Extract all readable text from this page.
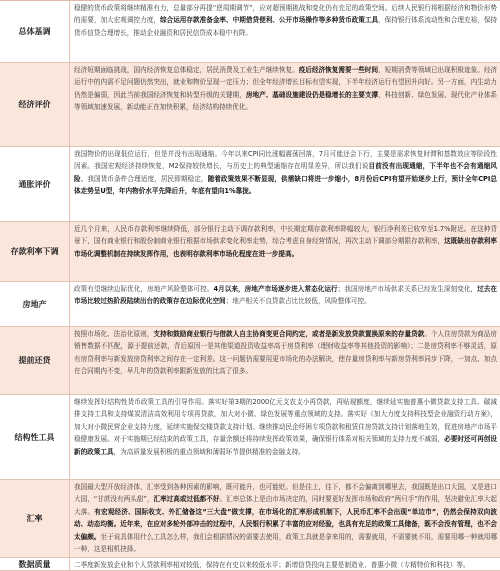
总体基调
稳健的货币政策将继续精准有力，总量部分再提“逆周期调节”，应对超预期挑战和变化仍有充足的政策空间。后续人民银行将根据经济和物价形势的需要，加大宏观调控力度，综合运用存款准备金率、中期借贷便利、公开市场操作等多种货币政策工具，保持银行体系流动性和合理充裕，保持货币信贷合理增长，推动企业融资和居民信贷成本稳中有降。
经济评价
经济短期面临挑战，国内经济恢复总体稳定，居民消费及工业生产继续恢复。疫后经济恢复需要一些时间，短期消费等领域已出现积极迹象。经济运行中的内需不足问题仍然突出，就业和物价呈现一定压力；但全年经济增长目标有望实现，下半年经济运行有望回升向好。另一方面，内生动力仍然是偏弱，因此当前我国经济恢复和转型升级的关键期，房地产、基础设施建设仍是稳增长的主要支撑，科技创新、绿色发展、现代化产业体系等领域加速发展，新动能正在加快积累，经济结构持续优化。
通胀评价
我国物价的出现低位运行，但是并没有出现通缩。今年以来CPI同比涨幅震荡回落，7月可能还会下行，主要是需求恢复时滞和基数效应等阶段性因素。我国宏观经济持续恢复，M2保持较快增长，与历史上的典型通缩存在明显差异，所以我们说目前没有出现通缩，下半年也不会有通缩风险。我国货币条件合理适度，居民即期稳定，随着政策效果不断显现，供需缺口将进一步缩小，8月份后CPI有望开始逐步上行，预计全年CPI总体走势呈U型，年内物价水平先降后升，年底有望向1%靠拢。
存款利率下调
近几个月来，人民币存款利率继续降低，部分银行主动下调存款利率，中长期定期存款利率降幅较大，银行净利差已收窄至1.7%附近。在这种背景下，国有商业银行和股份制商业银行根据市场供求变化利率走势，综合考虑自身经营情况，再次主动下调部分期限存款利率，这既缺出存款利率市场化调整机制在持续发挥作用，也表明存款利率市场化程度在进一步提高。
房地产
政策有望继续边际优化，房地产风险整体可控。4月以来，房地产市场逐步进入常态化运行；我国房地产市场供求关系已经发生深刻变化，过去在市场比较过热阶段陆续出台的政策存在边际优化空间；地产相关不良贷款占比比较低，风险整体可控。
提前还贷
按照市场化、法治化原则，支持和鼓励商业银行与借款人自主协商变更合同约定，或者是新发放贷款置换原来的存量贷款。个人住房贷款为商品房销售数据不匹配，源于提前还款，背后原因一是其他渠道投资收益率高于房贷利率（理财收益率等其他投资的影响）；二是房贷利率不够灵活，原有房贷利率与新发放房贷利率之间存在一定利差。这一问题仍需要用更市场化的办法解决，使存量房贷利率与新房贷利率同步下降，一加点、加点在合同期内不变，早几年的贷款利率跟新发放的比高了很多。
结构性工具
继续发挥好结构性货币政策工具的引导作用。落实好第3期的2000亿元支农支小再贷款，再贴现额度，继续延实施普惠小微贷款支持工具、碳减排支持工具和支持煤炭清洁高效利用专项再贷款，加大对小微、绿色发展等重点领域的支持。落实好《加大力度支持科技型企业融资行动方案》，加大对小微民营企业支持力度，延续实施保交楼贷款支持计划、继续推动民企纾困专项贷款和租赁住房贷款支持计划落地生效，促进房地产市场平稳健康发展。对于实施期已经结束的政策工具，存量余额还将持续发挥政策效果，确保银行体系对相关领域的支持力度不减弱，必要时还可再创设新的政策工具，为高质量发展积极的重点领域和薄弱环节提供精准的金融支持。
汇率
我国最大型开放经济体，汇率受到各种因素的影响，既可能升，也可能贬。但是往上，往下，都不会偏离到哪里去，我国既是出口大国，又是进口大国，“甘蔗没有两头甜”，汇率过高或过低都不好。汇率总体上是由市场决定的，同时要更好发挥市场和政府“两只手”的作用，坚决避免汇率大起大落。有宏观经济、国际收支、外汇储备这“三大盘”做支撑，在市场化的汇率形成机制下，人民币汇率不会出现“单边市”，仍然会保持双向波动、动态均衡。近年来，在应对多轮外部冲击的过程中，人民银行积累了丰富的应对经验，也具有充足的政策工具储备，既不会没有管理，也不会太偏颇。至于说具体用什么工具怎么样，我们会根据情况的需要去使用，政策工具就是拿来用的，需要就用，不需要就不用，需要用哪一种就用哪一种，这是相机抉择。
数据质量	二季度新发放企业和个人贷款利率相对较低，保持在有史以来较低水平；新增信贷投向主要是制造业、普惠小微（专精特价和科技）等。
